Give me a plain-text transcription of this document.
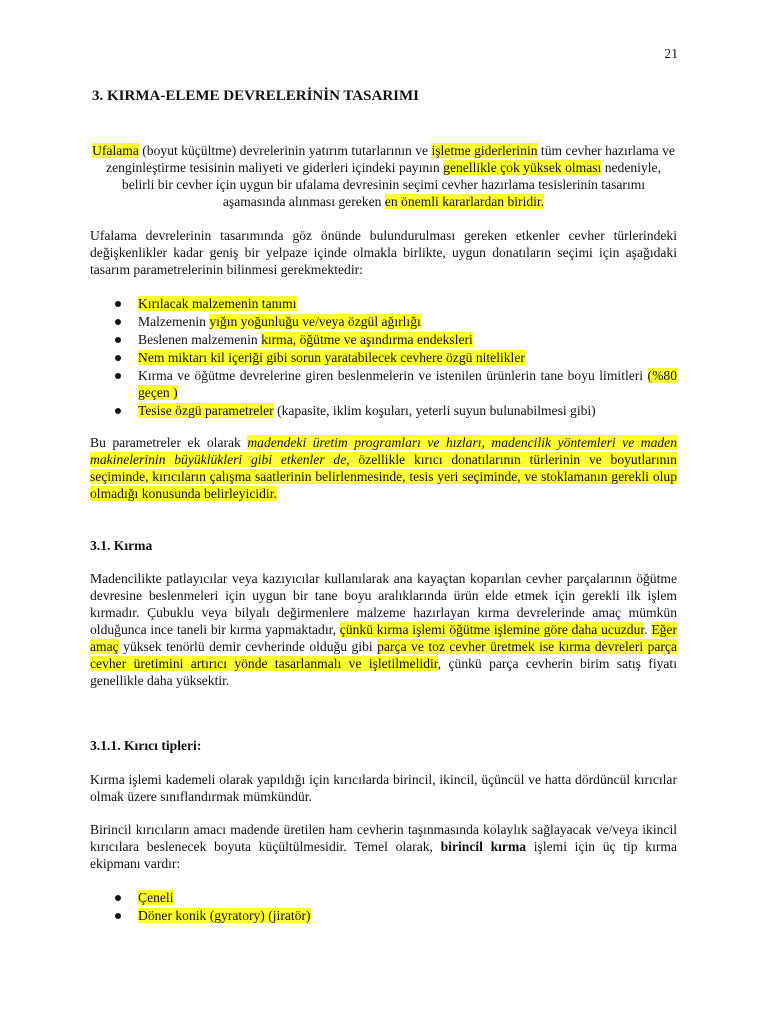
21
3. KIRMA-ELEME DEVRELERİNİN TASARIMI
Ufalama (boyut küçültme) devrelerinin yatırım tutarlarının ve işletme giderlerinin tüm cevher hazırlama ve zenginleştirme tesisinin maliyeti ve giderleri içindeki payının genellikle çok yüksek olması nedeniyle, belirli bir cevher için uygun bir ufalama devresinin seçimi cevher hazırlama tesislerinin tasarımı aşamasında alınması gereken en önemli kararlardan biridir.
Ufalama devrelerinin tasarımında göz önünde bulundurulması gereken etkenler cevher türlerindeki değişkenlikler kadar geniş bir yelpaze içinde olmakla birlikte, uygun donatıların seçimi için aşağıdaki tasarım parametrelerinin bilinmesi gerekmektedir:
Kırılacak malzemenin tanımı
Malzemenin yığın yoğunluğu ve/veya özgül ağırlığı
Beslenen malzemenin kırma, öğütme ve aşındırma endeksleri
Nem miktarı kil içeriği gibi sorun yaratabilecek cevhere özgü nitelikler
Kırma ve öğütme devrelerine giren beslenmelerin ve istenilen ürünlerin tane boyu limitleri (%80 geçen )
Tesise özgü parametreler (kapasite, iklim koşuları, yeterli suyun bulunabilmesi gibi)
Bu parametreler ek olarak madendeki üretim programları ve hızları, madencilik yöntemleri ve maden makinelerinin büyüklükleri gibi etkenler de, özellikle kırıcı donatılarının türlerinin ve boyutlarının seçiminde, kırıcıların çalışma saatlerinin belirlenmesinde, tesis yeri seçiminde, ve stoklamanın gerekli olup olmadığı konusunda belirleyicidir.
3.1. Kırma
Madencilikte patlayıcılar veya kazıyıcılar kullanılarak ana kayaçtan koparılan cevher parçalarının öğütme devresine beslenmeleri için uygun bir tane boyu aralıklarında ürün elde etmek için gerekli ilk işlem kırmadır. Çubuklu veya bilyalı değirmenlere malzeme hazırlayan kırma devrelerinde amaç mümkün olduğunca ince taneli bir kırma yapmaktadır, çünkü kırma işlemi öğütme işlemine göre daha ucuzdur. Eğer amaç yüksek tenörlü demir cevherinde olduğu gibi parça ve toz cevher üretmek ise kırma devreleri parça cevher üretimini artırıcı yönde tasarlanmalı ve işletilmelidir, çünkü parça cevherin birim satış fiyatı genellikle daha yüksektir.
3.1.1. Kırıcı tipleri:
Kırma işlemi kademeli olarak yapıldığı için kırıcılarda birincil, ikincil, üçüncül ve hatta dördüncül kırıcılar olmak üzere sınıflandırmak mümkündür.
Birincil kırıcıların amacı madende üretilen ham cevherin taşınmasında kolaylık sağlayacak ve/veya ikincil kırıcılara beslenecek boyuta küçültülmesidir. Temel olarak, birincil kırma işlemi için üç tip kırma ekipmanı vardır:
Çeneli
Döner konik (gyratory) (jiratör)
